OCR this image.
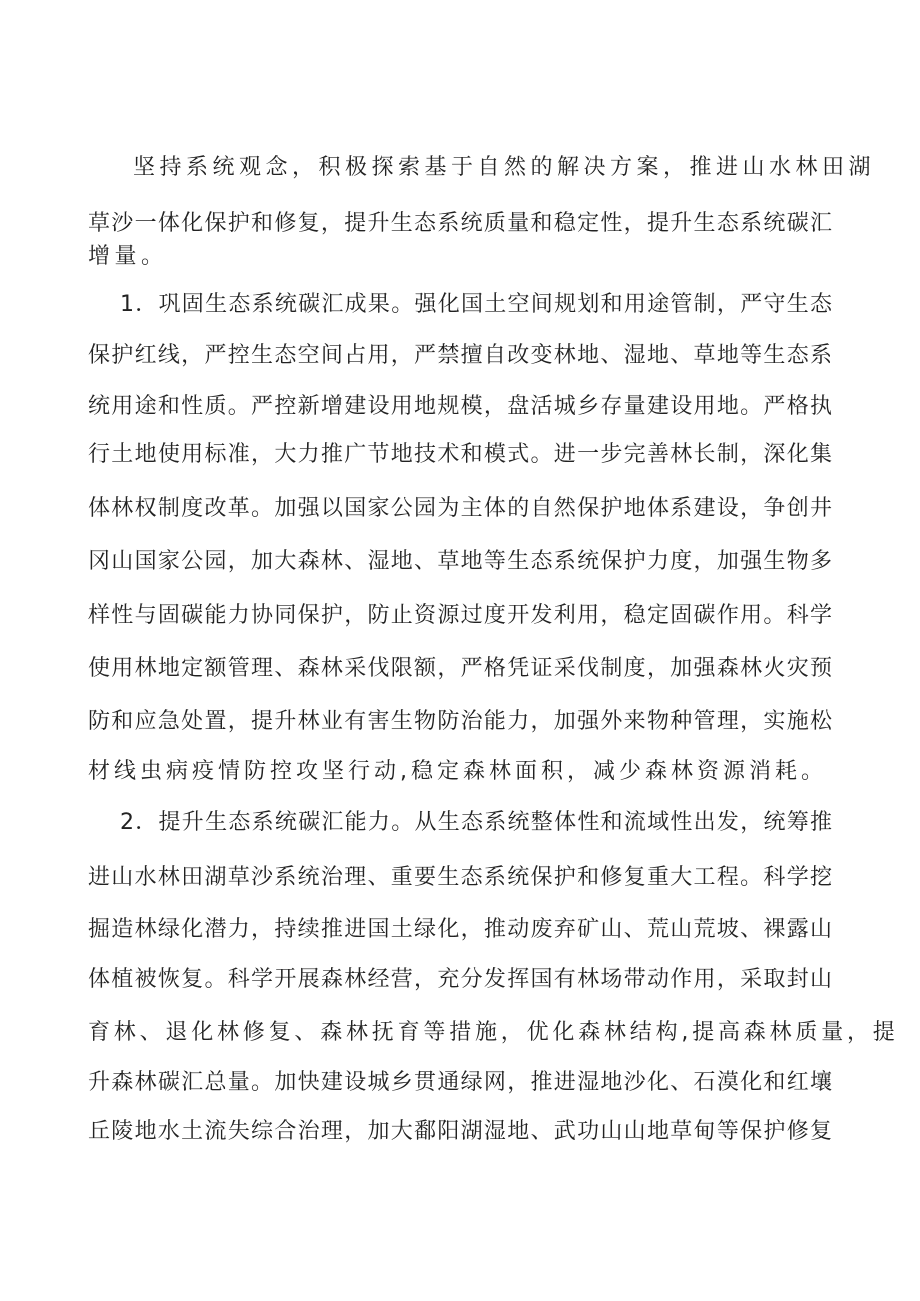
坚持系统观念，积极探索基于自然的解决方案，推进山水林田湖
草沙一体化保护和修复，提升生态系统质量和稳定性，提升生态系统碳汇
增量。
1．巩固生态系统碳汇成果。强化国土空间规划和用途管制，严守生态
保护红线，严控生态空间占用，严禁擅自改变林地、湿地、草地等生态系
统用途和性质。严控新增建设用地规模，盘活城乡存量建设用地。严格执
行土地使用标准，大力推广节地技术和模式。进一步完善林长制，深化集
体林权制度改革。加强以国家公园为主体的自然保护地体系建设，争创井
冈山国家公园，加大森林、湿地、草地等生态系统保护力度，加强生物多
样性与固碳能力协同保护，防止资源过度开发利用，稳定固碳作用。科学
使用林地定额管理、森林采伐限额，严格凭证采伐制度，加强森林火灾预
防和应急处置，提升林业有害生物防治能力，加强外来物种管理，实施松
材线虫病疫情防控攻坚行动,稳定森林面积，减少森林资源消耗。
2．提升生态系统碳汇能力。从生态系统整体性和流域性出发，统筹推
进山水林田湖草沙系统治理、重要生态系统保护和修复重大工程。科学挖
掘造林绿化潜力，持续推进国土绿化，推动废弃矿山、荒山荒坡、裸露山
体植被恢复。科学开展森林经营，充分发挥国有林场带动作用，采取封山
育林、退化林修复、森林抚育等措施，优化森林结构,提高森林质量，提
升森林碳汇总量。加快建设城乡贯通绿网，推进湿地沙化、石漠化和红壤
丘陵地水土流失综合治理，加大鄱阳湖湿地、武功山山地草甸等保护修复
